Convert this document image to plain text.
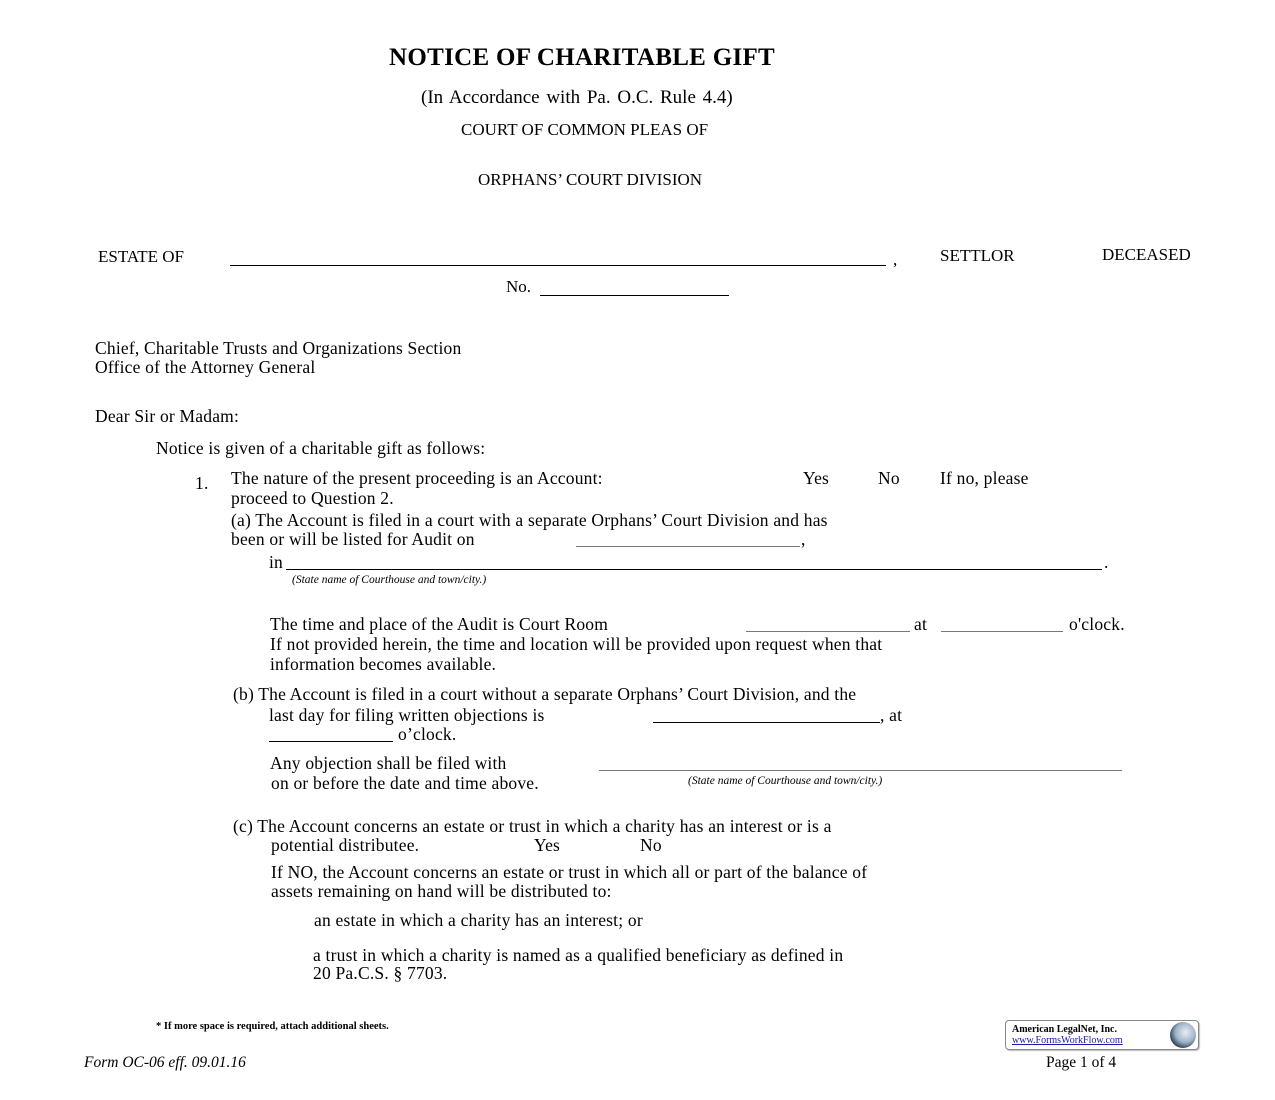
NOTICE OF CHARITABLE GIFT
(In Accordance with Pa. O.C. Rule 4.4)
COURT OF COMMON PLEAS OF
ORPHANS’ COURT DIVISION
ESTATE OF	,	SETTLOR	DECEASED
No.
Chief, Charitable Trusts and Organizations Section
Office of the Attorney General
Dear Sir or Madam:
Notice is given of a charitable gift as follows:
1. The nature of the present proceeding is an Account:	Yes	No If no, please
proceed to Question 2.
(a) The Account is filed in a court with a separate Orphans’ Court Division and has
been or will be listed for Audit on	,
in	.
(State name of Courthouse and town/city.)
The time and place of the Audit is Court Room	at	o'clock.
If not provided herein, the time and location will be provided upon request when that
information becomes available.
(b) The Account is filed in a court without a separate Orphans’ Court Division, and the
last day for filing written objections is	, at
o’clock.
Any objection shall be filed with
on or before the date and time above.	(State name of Courthouse and town/city.)
(c) The Account concerns an estate or trust in which a charity has an interest or is a
potential distributee.	Yes	No
If NO, the Account concerns an estate or trust in which all or part of the balance of
assets remaining on hand will be distributed to:
an estate in which a charity has an interest; or
a trust in which a charity is named as a qualified beneficiary as defined in
20 Pa.C.S. § 7703.
* If more space is required, attach additional sheets.	American LegalNet, Inc.
www.FormsWorkFlow.com
Form OC-06 eff. 09.01.16	Page 1 of 4
